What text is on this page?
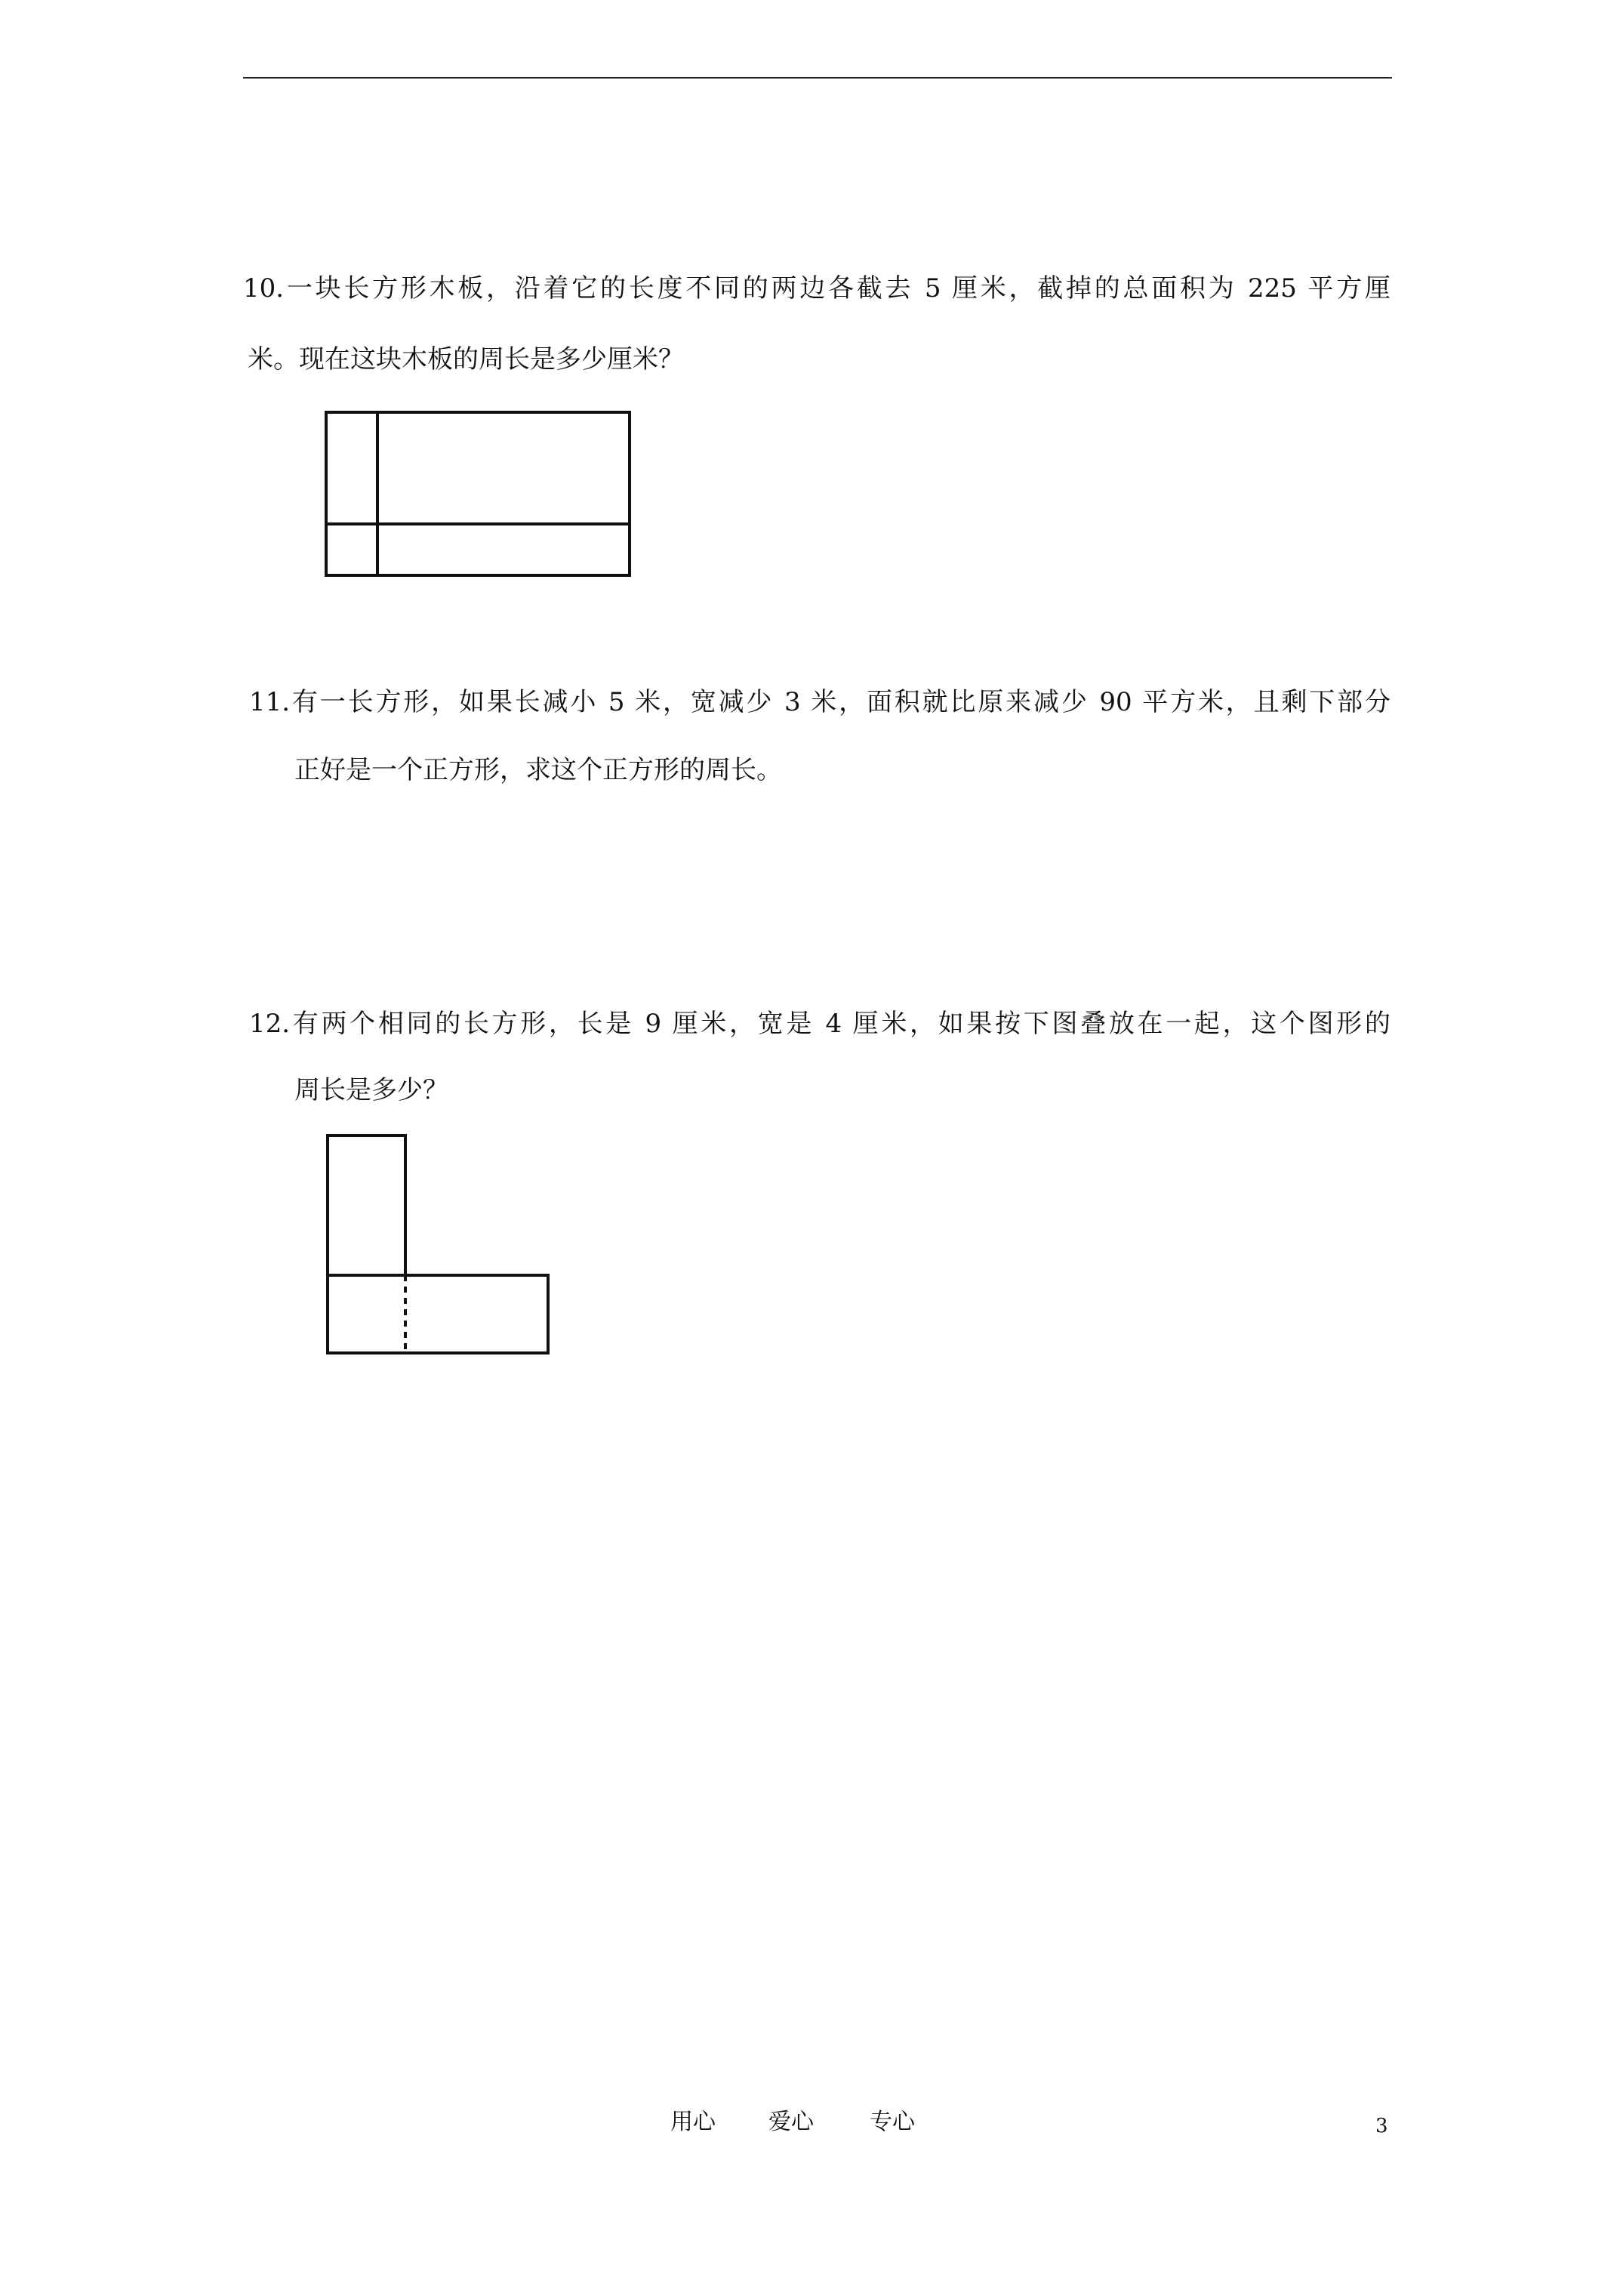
10.一块长方形木板，沿着它的长度不同的两边各截去 5 厘米，截掉的总面积为 225 平方厘
米。现在这块木板的周长是多少厘米？
11.有一长方形，如果长减小 5 米，宽减少 3 米，面积就比原来减少 90 平方米，且剩下部分
正好是一个正方形，求这个正方形的周长。
12.有两个相同的长方形，长是 9 厘米，宽是 4 厘米，如果按下图叠放在一起，这个图形的
周长是多少？
用心 爱心 专心	3
